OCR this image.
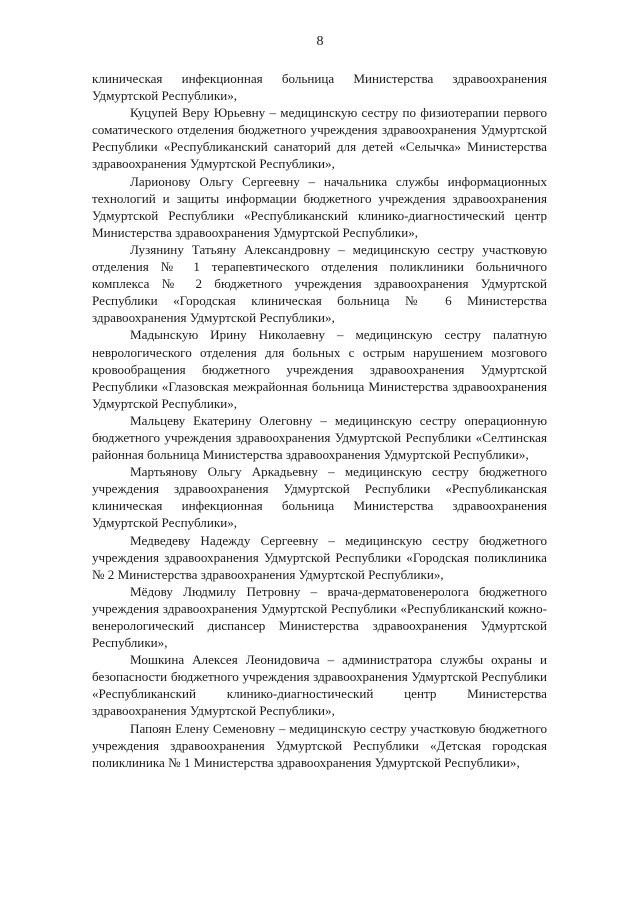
8

клиническая инфекционная больница Министерства здравоохранения Удмуртской Республики»,

Куцупей Веру Юрьевну – медицинскую сестру по физиотерапии первого соматического отделения бюджетного учреждения здравоохранения Удмуртской Республики «Республиканский санаторий для детей «Селычка» Министерства здравоохранения Удмуртской Республики»,

Ларионову Ольгу Сергеевну – начальника службы информационных технологий и защиты информации бюджетного учреждения здравоохранения Удмуртской Республики «Республиканский клинико-диагностический центр Министерства здравоохранения Удмуртской Республики»,

Лузянину Татьяну Александровну – медицинскую сестру участковую отделения № 1 терапевтического отделения поликлиники больничного комплекса № 2 бюджетного учреждения здравоохранения Удмуртской Республики «Городская клиническая больница № 6 Министерства здравоохранения Удмуртской Республики»,

Мадынскую Ирину Николаевну – медицинскую сестру палатную неврологического отделения для больных с острым нарушением мозгового кровообращения бюджетного учреждения здравоохранения Удмуртской Республики «Глазовская межрайонная больница Министерства здравоохранения Удмуртской Республики»,

Мальцеву Екатерину Олеговну – медицинскую сестру операционную бюджетного учреждения здравоохранения Удмуртской Республики «Селтинская районная больница Министерства здравоохранения Удмуртской Республики»,

Мартьянову Ольгу Аркадьевну – медицинскую сестру бюджетного учреждения здравоохранения Удмуртской Республики «Республиканская клиническая инфекционная больница Министерства здравоохранения Удмуртской Республики»,

Медведеву Надежду Сергеевну – медицинскую сестру бюджетного учреждения здравоохранения Удмуртской Республики «Городская поликлиника № 2 Министерства здравоохранения Удмуртской Республики»,

Мёдову Людмилу Петровну – врача-дерматовенеролога бюджетного учреждения здравоохранения Удмуртской Республики «Республиканский кожно-венерологический диспансер Министерства здравоохранения Удмуртской Республики»,

Мошкина Алексея Леонидовича – администратора службы охраны и безопасности бюджетного учреждения здравоохранения Удмуртской Республики «Республиканский клинико-диагностический центр Министерства здравоохранения Удмуртской Республики»,

Папоян Елену Семеновну – медицинскую сестру участковую бюджетного учреждения здравоохранения Удмуртской Республики «Детская городская поликлиника № 1 Министерства здравоохранения Удмуртской Республики»,
